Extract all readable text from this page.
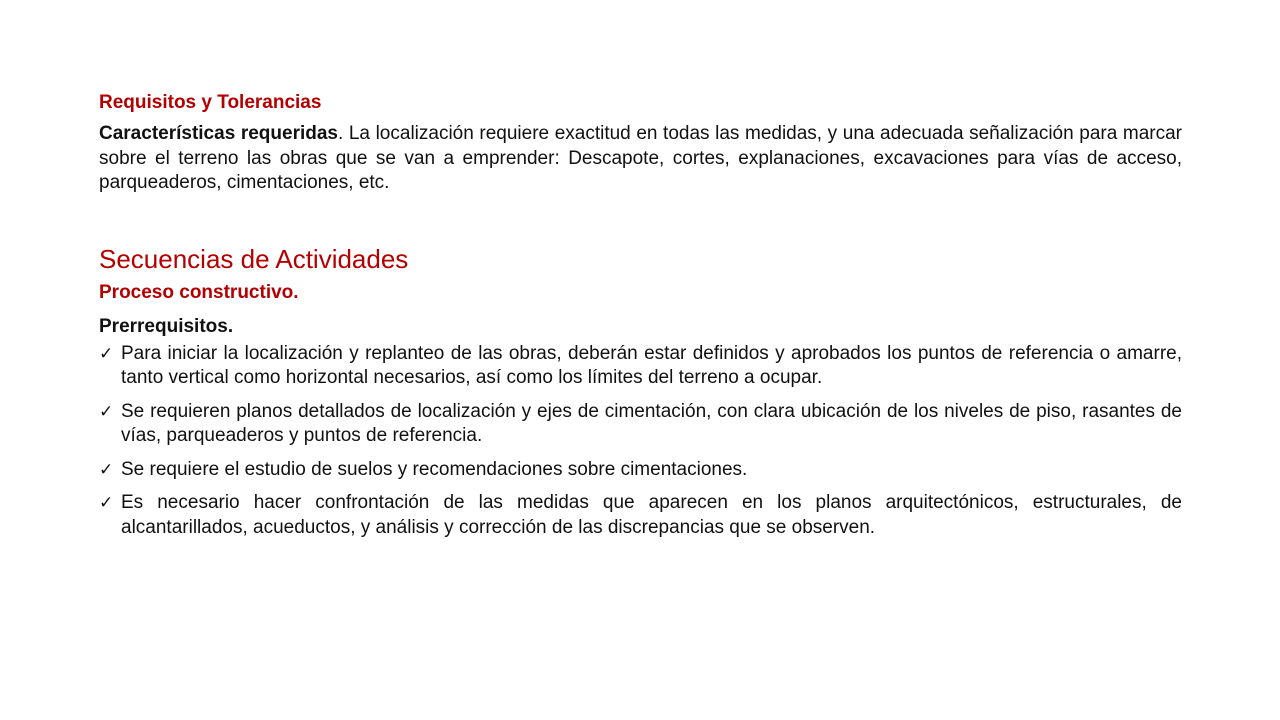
Requisitos y Tolerancias

Características requeridas. La localización requiere exactitud en todas las medidas, y una adecuada señalización para marcar sobre el terreno las obras que se van a emprender: Descapote, cortes, explanaciones, excavaciones para vías de acceso, parqueaderos, cimentaciones, etc.

Secuencias de Actividades
Proceso constructivo.
Prerrequisitos.
✓ Para iniciar la localización y replanteo de las obras, deberán estar definidos y aprobados los puntos de referencia o amarre, tanto vertical como horizontal necesarios, así como los límites del terreno a ocupar.
✓ Se requieren planos detallados de localización y ejes de cimentación, con clara ubicación de los niveles de piso, rasantes de vías, parqueaderos y puntos de referencia.
✓ Se requiere el estudio de suelos y recomendaciones sobre cimentaciones.
✓ Es necesario hacer confrontación de las medidas que aparecen en los planos arquitectónicos, estructurales, de alcantarillados, acueductos, y análisis y corrección de las discrepancias que se observen.
